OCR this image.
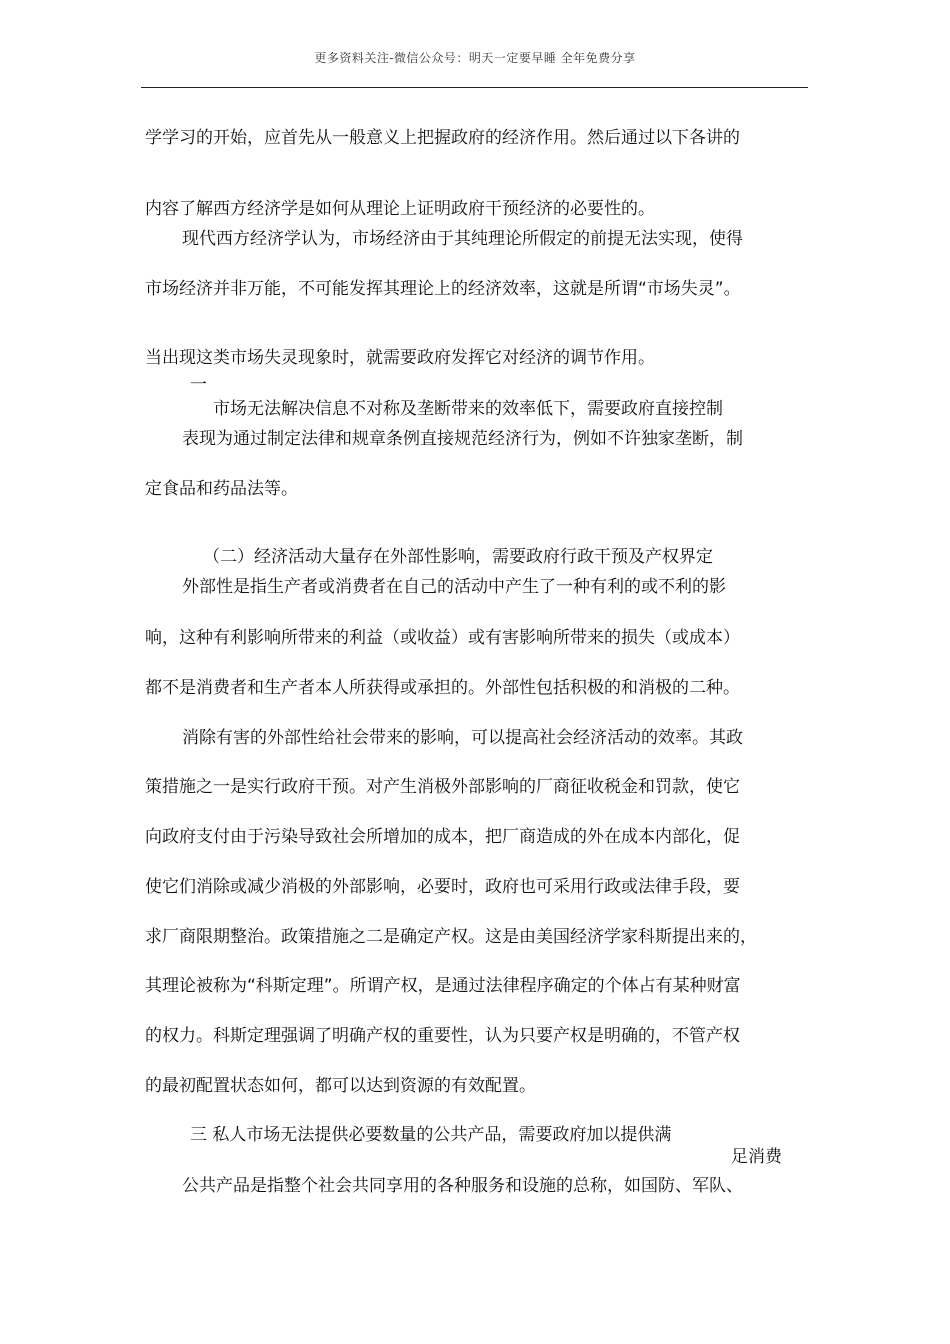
更多资料关注-微信公众号：明天一定要早睡 全年免费分享
学学习的开始，应首先从一般意义上把握政府的经济作用。然后通过以下各讲的
内容了解西方经济学是如何从理论上证明政府干预经济的必要性的。
现代西方经济学认为，市场经济由于其纯理论所假定的前提无法实现，使得
市场经济并非万能，不可能发挥其理论上的经济效率，这就是所谓“市场失灵”。
当出现这类市场失灵现象时，就需要政府发挥它对经济的调节作用。
一
市场无法解决信息不对称及垄断带来的效率低下，需要政府直接控制
表现为通过制定法律和规章条例直接规范经济行为，例如不许独家垄断，制
定食品和药品法等。
（二）经济活动大量存在外部性影响，需要政府行政干预及产权界定
外部性是指生产者或消费者在自己的活动中产生了一种有利的或不利的影
响，这种有利影响所带来的利益（或收益）或有害影响所带来的损失（或成本）
都不是消费者和生产者本人所获得或承担的。外部性包括积极的和消极的二种。
消除有害的外部性给社会带来的影响，可以提高社会经济活动的效率。其政
策措施之一是实行政府干预。对产生消极外部影响的厂商征收税金和罚款，使它
向政府支付由于污染导致社会所增加的成本，把厂商造成的外在成本内部化，促
使它们消除或减少消极的外部影响，必要时，政府也可采用行政或法律手段，要
求厂商限期整治。政策措施之二是确定产权。这是由美国经济学家科斯提出来的，
其理论被称为“科斯定理”。所谓产权，是通过法律程序确定的个体占有某种财富
的权力。科斯定理强调了明确产权的重要性，认为只要产权是明确的，不管产权
的最初配置状态如何，都可以达到资源的有效配置。
三 私人市场无法提供必要数量的公共产品，需要政府加以提供满
足消费
公共产品是指整个社会共同享用的各种服务和设施的总称，如国防、军队、
